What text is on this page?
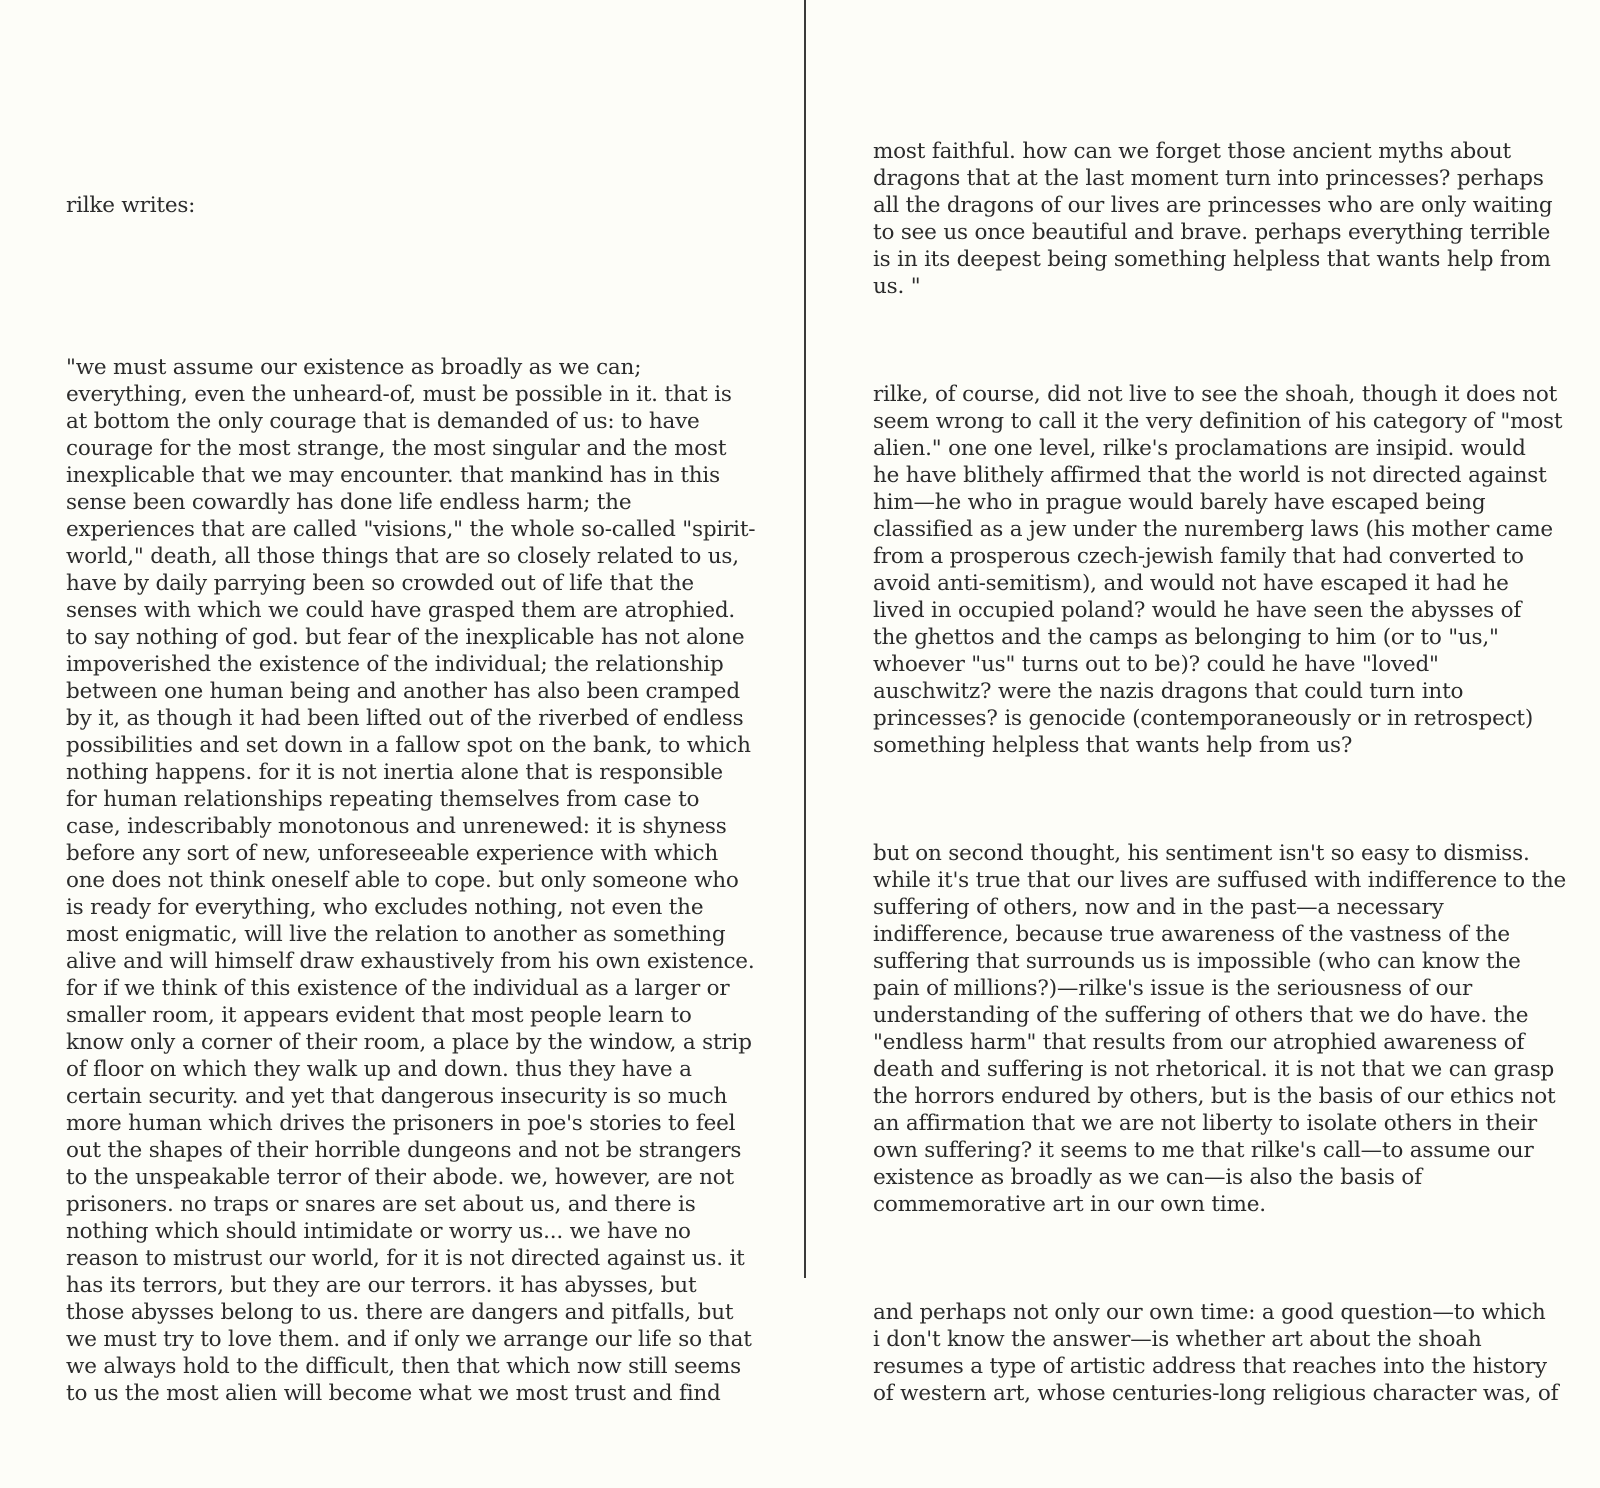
rilke writes:

"we must assume our existence as broadly as we can;
everything, even the unheard-of, must be possible in it. that is
at bottom the only courage that is demanded of us: to have
courage for the most strange, the most singular and the most
inexplicable that we may encounter. that mankind has in this
sense been cowardly has done life endless harm; the
experiences that are called "visions," the whole so-called "spirit-
world," death, all those things that are so closely related to us,
have by daily parrying been so crowded out of life that the
senses with which we could have grasped them are atrophied.
to say nothing of god. but fear of the inexplicable has not alone
impoverished the existence of the individual; the relationship
between one human being and another has also been cramped
by it, as though it had been lifted out of the riverbed of endless
possibilities and set down in a fallow spot on the bank, to which
nothing happens. for it is not inertia alone that is responsible
for human relationships repeating themselves from case to
case, indescribably monotonous and unrenewed: it is shyness
before any sort of new, unforeseeable experience with which
one does not think oneself able to cope. but only someone who
is ready for everything, who excludes nothing, not even the
most enigmatic, will live the relation to another as something
alive and will himself draw exhaustively from his own existence.
for if we think of this existence of the individual as a larger or
smaller room, it appears evident that most people learn to
know only a corner of their room, a place by the window, a strip
of floor on which they walk up and down. thus they have a
certain security. and yet that dangerous insecurity is so much
more human which drives the prisoners in poe's stories to feel
out the shapes of their horrible dungeons and not be strangers
to the unspeakable terror of their abode. we, however, are not
prisoners. no traps or snares are set about us, and there is
nothing which should intimidate or worry us... we have no
reason to mistrust our world, for it is not directed against us. it
has its terrors, but they are our terrors. it has abysses, but
those abysses belong to us. there are dangers and pitfalls, but
we must try to love them. and if only we arrange our life so that
we always hold to the difficult, then that which now still seems
to us the most alien will become what we most trust and find

most faithful. how can we forget those ancient myths about
dragons that at the last moment turn into princesses? perhaps
all the dragons of our lives are princesses who are only waiting
to see us once beautiful and brave. perhaps everything terrible
is in its deepest being something helpless that wants help from
us. "

rilke, of course, did not live to see the shoah, though it does not
seem wrong to call it the very definition of his category of "most
alien." one one level, rilke's proclamations are insipid. would
he have blithely affirmed that the world is not directed against
him—he who in prague would barely have escaped being
classified as a jew under the nuremberg laws (his mother came
from a prosperous czech-jewish family that had converted to
avoid anti-semitism), and would not have escaped it had he
lived in occupied poland? would he have seen the abysses of
the ghettos and the camps as belonging to him (or to "us,"
whoever "us" turns out to be)? could he have "loved"
auschwitz? were the nazis dragons that could turn into
princesses? is genocide (contemporaneously or in retrospect)
something helpless that wants help from us?

but on second thought, his sentiment isn't so easy to dismiss.
while it's true that our lives are suffused with indifference to the
suffering of others, now and in the past—a necessary
indifference, because true awareness of the vastness of the
suffering that surrounds us is impossible (who can know the
pain of millions?)—rilke's issue is the seriousness of our
understanding of the suffering of others that we do have. the
"endless harm" that results from our atrophied awareness of
death and suffering is not rhetorical. it is not that we can grasp
the horrors endured by others, but is the basis of our ethics not
an affirmation that we are not liberty to isolate others in their
own suffering? it seems to me that rilke's call—to assume our
existence as broadly as we can—is also the basis of
commemorative art in our own time.

and perhaps not only our own time: a good question—to which
i don't know the answer—is whether art about the shoah
resumes a type of artistic address that reaches into the history
of western art, whose centuries-long religious character was, of
